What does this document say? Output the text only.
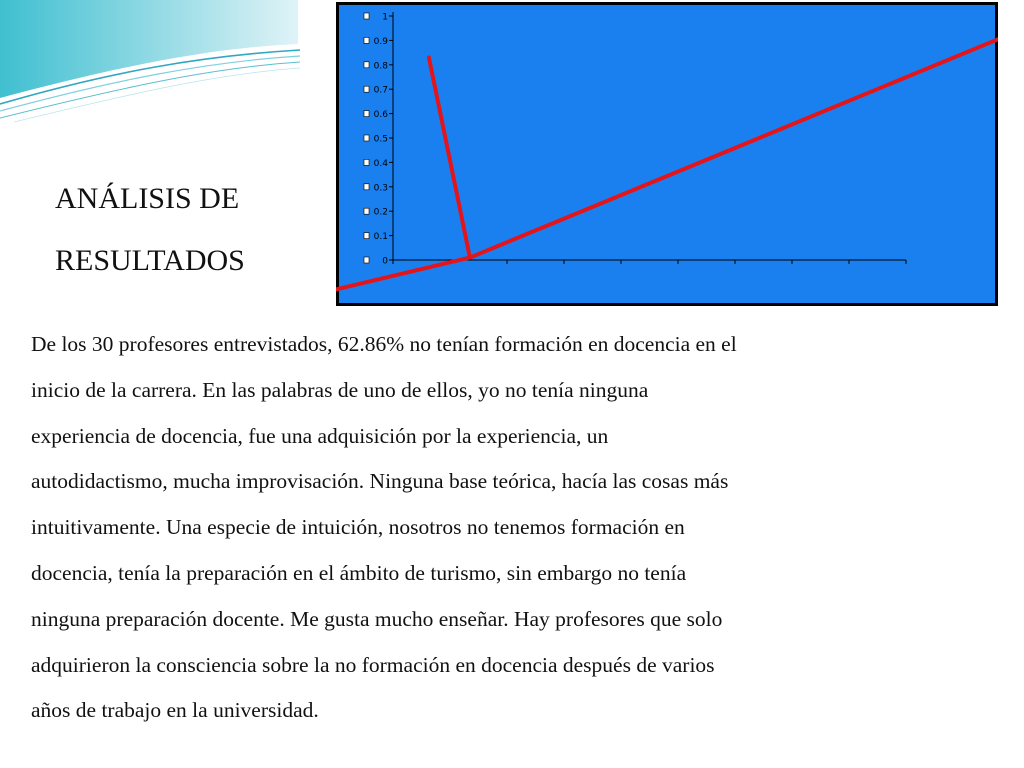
ANÁLISIS DE
RESULTADOS	0
0.1
0.2
0.3
0.4
0.5
0.6
0.7
0.8
0.9
1
De los 30 profesores entrevistados, 62.86% no tenían formación en docencia en el
inicio de la carrera. En las palabras de uno de ellos, yo no tenía ninguna
experiencia de docencia, fue una adquisición por la experiencia, un
autodidactismo, mucha improvisación. Ninguna base teórica, hacía las cosas más
intuitivamente. Una especie de intuición, nosotros no tenemos formación en
docencia, tenía la preparación en el ámbito de turismo, sin embargo no tenía
ninguna preparación docente. Me gusta mucho enseñar. Hay profesores que solo
adquirieron la consciencia sobre la no formación en docencia después de varios
años de trabajo en la universidad.
